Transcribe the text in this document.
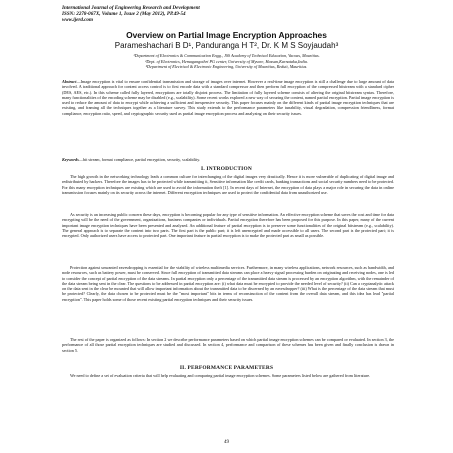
International Journal of Engineering Research and Development
ISSN: 2278-067X, Volume 1, Issue 2 (May 2012), PP.49-54
www.ijerd.com
Overview on Partial Image Encryption Approaches
Parameshachari B D¹, Panduranga H T², Dr. K M S Soyjaudah³
¹Department of Electronics & Communication Engg., JSS Academy of Technical Education, Vacoas, Mauritius.
²Dept. of Electronics, Hemagangothri PG center, University of Mysore, Hassan,Karnataka,India.
³Department of Electrical & Electronic Engineering, University of Mauritius, Reduit, Mauritius.
Abstract—Image encryption is vital to ensure confidential transmission and storage of images over internet. However a real-time image encryption is still a challenge due to large amount of data involved. A traditional approach for content access control is to first encode data with a standard compressor and then perform full encryption of the compressed bitstream with a standard cipher (DES, AES, etc.). In this scheme called fully layered, encryptions are totally disjoint process. The limitation of fully layered scheme consists of altering the original bitstream syntax. Therefore, many functionalities of the encoding scheme may be disabled (e.g., scalability). Some recent works explored a new way of securing the content, named partial encryption. Partial image encryption is used to reduce the amount of data to encrypt while achieving a sufficient and inexpensive security. This paper focuses mainly on the different kinds of partial image encryption techniques that are existing, and framing all the techniques together as a literature survey. This study extends to the performance parameters like tunability, visual degradation, compression friendliness, format compliance, encryption ratio, speed, and cryptographic security used as partial image encryption process and analyzing on their security issues.
Keywords—bit stream, format compliance, partial encryption, security, scalability.
I. INTRODUCTION
The high growth in the networking technology leads a common culture for interchanging of the digital images very drastically. Hence it is more vulnerable of duplicating of digital image and redistributed by hackers. Therefore the images has to be protected while transmitting it, Sensitive information like credit cards, banking transactions and social security numbers need to be protected. For this many encryption techniques are existing which are used to avoid the information theft [1]. In recent days of Internet, the encryption of data plays a major role in securing the data in online transmission focuses mainly on its security across the internet. Different encryption techniques are used to protect the confidential data from unauthorized use.
As security is an increasing public concern these days, encryption is becoming popular for any type of sensitive information. An effective encryption scheme that saves the cost and time for data encrypting will be the need of the government, organizations, business companies or individuals. Partial encryption therefore has been proposed for this purpose. In this paper, many of the current important image encryption techniques have been presented and analyzed. An additional feature of partial encryption is to preserve some functionalities of the original bitstream (e.g., scalability). The general approach is to separate the content into two parts. The first part is the public part; it is left unencrypted and made accessible to all users. The second part is the protected part; it is encrypted. Only authorized users have access to protected part. One important feature in partial encryption is to make the protected part as small as possible.
Protection against unwanted eavesdropping is essential for the viability of wireless multimedia services. Furthermore, in many wireless applications, network resources, such as bandwidth, and node resources, such as battery power, must be conserved. Since full encryption of transmitted data streams can place a heavy signal processing burden on originating and receiving nodes, one is led to consider the concept of partial encryption of the data streams. In partial encryption only a percentage of the transmitted data stream is processed by an encryption algorithm, with the remainder of the data stream being sent in the clear. The questions to be addressed in partial encryption are: (i) what data must be encrypted to provide the needed level of security? (ii) Can a cryptanalytic attack on the data sent in the clear be mounted that will allow important information about the transmitted data to be discerned by an eavesdropper? (iii) What is the percentage of the data stream that must be protected? Clearly, the data chosen to be protected must be the "most important" bits in terms of reconstruction of the content from the overall data stream, and this idea has lead "partial encryption". This paper holds some of those recent existing partial encryption techniques and their security issues.
The rest of the paper is organized as follows: In section 2 we describe performance parameters based on which partial image encryption schemes can be compared or evaluated. In section 3, the performance of all those partial encryption techniques are studied and discussed. In section 4, performance and comparison of these schemes has been given and finally conclusion is drawn in section 5.
II. PERFORMANCE PARAMETERS
We need to define a set of evaluation criteria that will help evaluating and comparing partial image encryption schemes. Some parameters listed below are gathered from literature.
49
